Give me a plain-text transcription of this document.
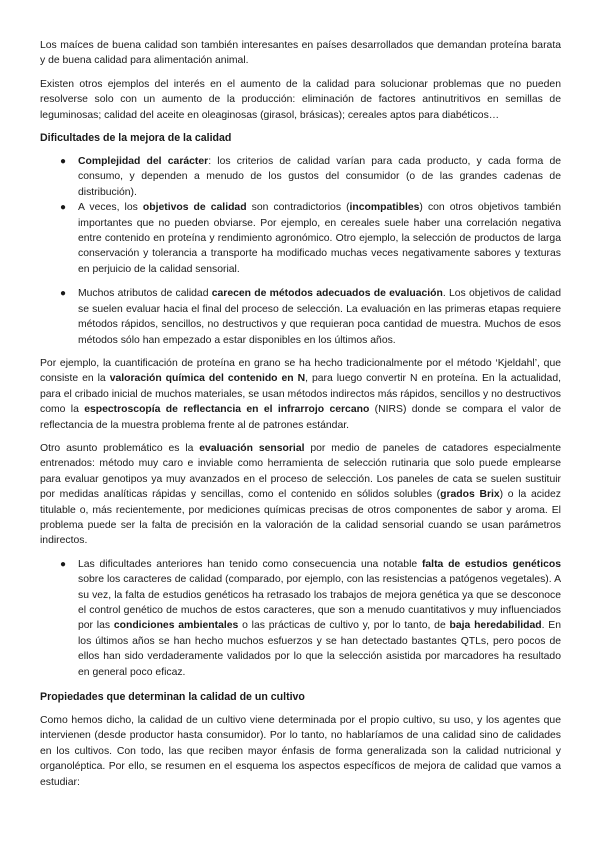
Los maíces de buena calidad son también interesantes en países desarrollados que demandan proteína barata y de buena calidad para alimentación animal.

Existen otros ejemplos del interés en el aumento de la calidad para solucionar problemas que no pueden resolverse solo con un aumento de la producción: eliminación de factores antinutritivos en semillas de leguminosas; calidad del aceite en oleaginosas (girasol, brásicas); cereales aptos para diabéticos…

Dificultades de la mejora de la calidad
● Complejidad del carácter: los criterios de calidad varían para cada producto, y cada forma de consumo, y dependen a menudo de los gustos del consumidor (o de las grandes cadenas de distribución).
● A veces, los objetivos de calidad son contradictorios (incompatibles) con otros objetivos también importantes que no pueden obviarse. Por ejemplo, en cereales suele haber una correlación negativa entre contenido en proteína y rendimiento agronómico. Otro ejemplo, la selección de productos de larga conservación y tolerancia a transporte ha modificado muchas veces negativamente sabores y texturas en perjuicio de la calidad sensorial.
● Muchos atributos de calidad carecen de métodos adecuados de evaluación. Los objetivos de calidad se suelen evaluar hacia el final del proceso de selección. La evaluación en las primeras etapas requiere métodos rápidos, sencillos, no destructivos y que requieran poca cantidad de muestra. Muchos de esos métodos sólo han empezado a estar disponibles en los últimos años.

Por ejemplo, la cuantificación de proteína en grano se ha hecho tradicionalmente por el método ‘Kjeldahl’, que consiste en la valoración química del contenido en N, para luego convertir N en proteína. En la actualidad, para el cribado inicial de muchos materiales, se usan métodos indirectos más rápidos, sencillos y no destructivos como la espectroscopía de reflectancia en el infrarrojo cercano (NIRS) donde se compara el valor de reflectancia de la muestra problema frente al de patrones estándar.

Otro asunto problemático es la evaluación sensorial por medio de paneles de catadores especialmente entrenados: método muy caro e inviable como herramienta de selección rutinaria que solo puede emplearse para evaluar genotipos ya muy avanzados en el proceso de selección. Los paneles de cata se suelen sustituir por medidas analíticas rápidas y sencillas, como el contenido en sólidos solubles (grados Brix) o la acidez titulable o, más recientemente, por mediciones químicas precisas de otros componentes de sabor y aroma. El problema puede ser la falta de precisión en la valoración de la calidad sensorial cuando se usan parámetros indirectos.

● Las dificultades anteriores han tenido como consecuencia una notable falta de estudios genéticos sobre los caracteres de calidad (comparado, por ejemplo, con las resistencias a patógenos vegetales). A su vez, la falta de estudios genéticos ha retrasado los trabajos de mejora genética ya que se desconoce el control genético de muchos de estos caracteres, que son a menudo cuantitativos y muy influenciados por las condiciones ambientales o las prácticas de cultivo y, por lo tanto, de baja heredabilidad. En los últimos años se han hecho muchos esfuerzos y se han detectado bastantes QTLs, pero pocos de ellos han sido verdaderamente validados por lo que la selección asistida por marcadores ha resultado en general poco eficaz.
Propiedades que determinan la calidad de un cultivo

Como hemos dicho, la calidad de un cultivo viene determinada por el propio cultivo, su uso, y los agentes que intervienen (desde productor hasta consumidor). Por lo tanto, no hablaríamos de una calidad sino de calidades en los cultivos. Con todo, las que reciben mayor énfasis de forma generalizada son la calidad nutricional y organoléptica. Por ello, se resumen en el esquema los aspectos específicos de mejora de calidad que vamos a estudiar:
